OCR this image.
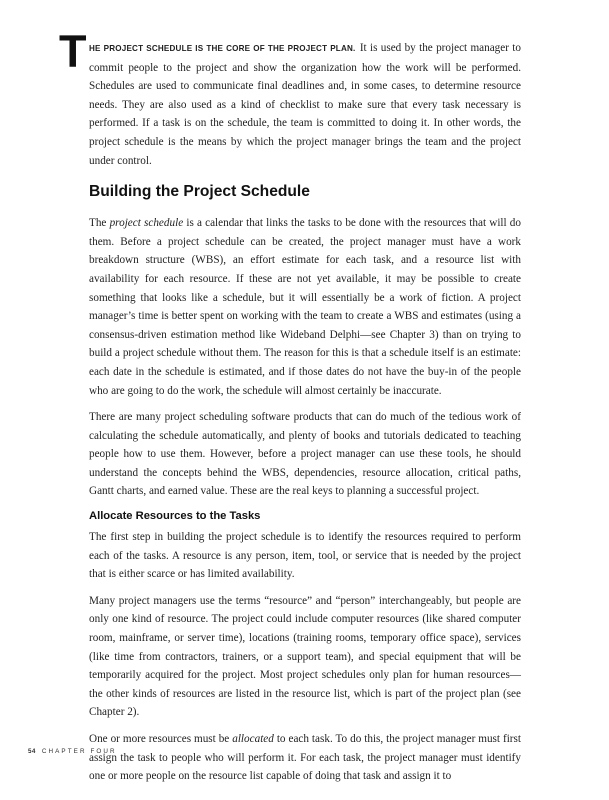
T HE PROJECT SCHEDULE IS THE CORE OF THE PROJECT PLAN. It is used by the project manager to commit people to the project and show the organization how the work will be performed. Schedules are used to communicate final deadlines and, in some cases, to determine resource needs. They are also used as a kind of checklist to make sure that every task necessary is performed. If a task is on the schedule, the team is committed to doing it. In other words, the project schedule is the means by which the project manager brings the team and the project under control.

Building the Project Schedule

The project schedule is a calendar that links the tasks to be done with the resources that will do them. Before a project schedule can be created, the project manager must have a work breakdown structure (WBS), an effort estimate for each task, and a resource list with availability for each resource. If these are not yet available, it may be possible to create something that looks like a schedule, but it will essentially be a work of fiction. A project manager’s time is better spent on working with the team to create a WBS and estimates (using a consensus-driven estimation method like Wideband Delphi—see Chapter 3) than on trying to build a project schedule without them. The reason for this is that a schedule itself is an estimate: each date in the schedule is estimated, and if those dates do not have the buy-in of the people who are going to do the work, the schedule will almost certainly be inaccurate.

There are many project scheduling software products that can do much of the tedious work of calculating the schedule automatically, and plenty of books and tutorials dedicated to teaching people how to use them. However, before a project manager can use these tools, he should understand the concepts behind the WBS, dependencies, resource allocation, critical paths, Gantt charts, and earned value. These are the real keys to planning a successful project.

Allocate Resources to the Tasks

The first step in building the project schedule is to identify the resources required to perform each of the tasks. A resource is any person, item, tool, or service that is needed by the project that is either scarce or has limited availability.

Many project managers use the terms “resource” and “person” interchangeably, but people are only one kind of resource. The project could include computer resources (like shared computer room, mainframe, or server time), locations (training rooms, temporary office space), services (like time from contractors, trainers, or a support team), and special equipment that will be temporarily acquired for the project. Most project schedules only plan for human resources—the other kinds of resources are listed in the resource list, which is part of the project plan (see Chapter 2).

One or more resources must be allocated to each task. To do this, the project manager must first assign the task to people who will perform it. For each task, the project manager must identify one or more people on the resource list capable of doing that task and assign it to

54 CHAPTER FOUR
